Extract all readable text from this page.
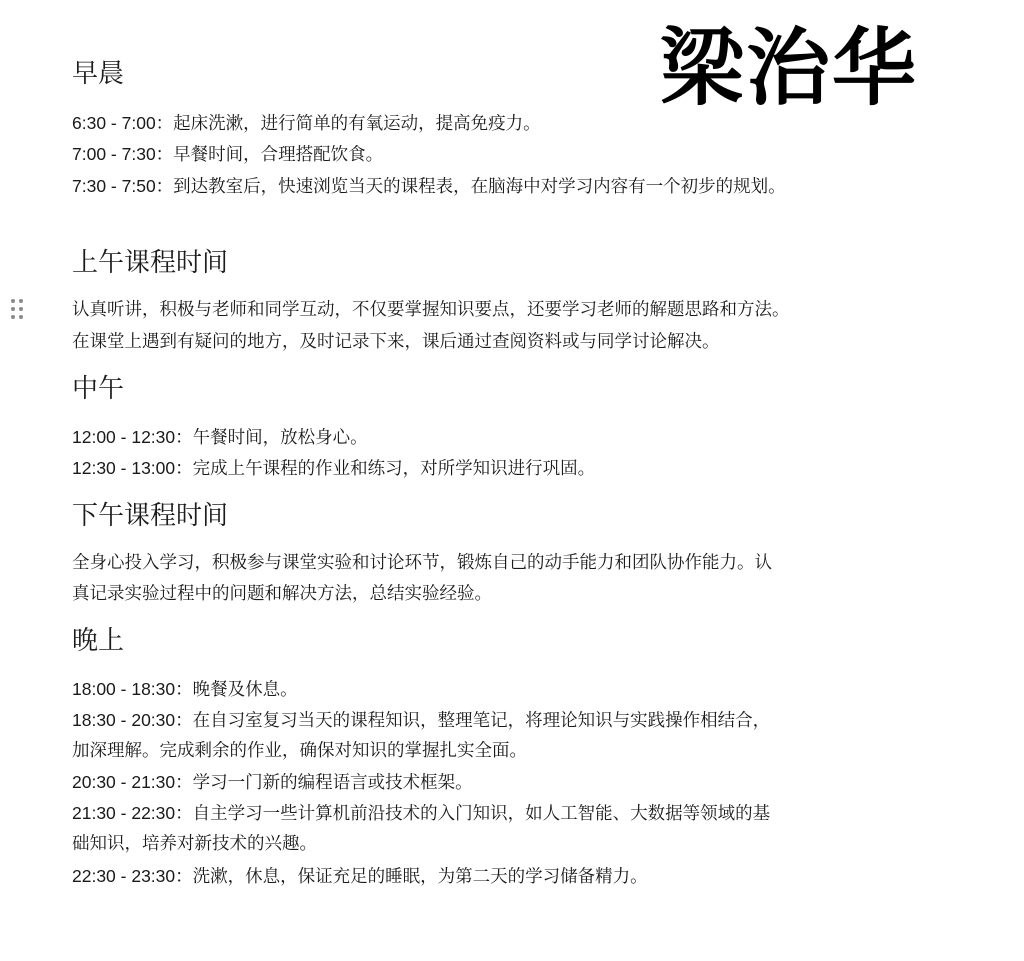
梁治华
早晨
6:30 - 7:00：起床洗漱，进行简单的有氧运动，提高免疫力。
7:00 - 7:30：早餐时间，合理搭配饮食。
7:30 - 7:50：到达教室后，快速浏览当天的课程表，在脑海中对学习内容有一个初步的规划。
上午课程时间
认真听讲，积极与老师和同学互动，不仅要掌握知识要点，还要学习老师的解题思路和方法。
在课堂上遇到有疑问的地方，及时记录下来，课后通过查阅资料或与同学讨论解决。
中午
12:00 - 12:30：午餐时间，放松身心。
12:30 - 13:00：完成上午课程的作业和练习，对所学知识进行巩固。
下午课程时间
全身心投入学习，积极参与课堂实验和讨论环节，锻炼自己的动手能力和团队协作能力。认
真记录实验过程中的问题和解决方法，总结实验经验。
晚上
18:00 - 18:30：晚餐及休息。
18:30 - 20:30：在自习室复习当天的课程知识，整理笔记，将理论知识与实践操作相结合，
加深理解。完成剩余的作业，确保对知识的掌握扎实全面。
20:30 - 21:30：学习一门新的编程语言或技术框架。
21:30 - 22:30：自主学习一些计算机前沿技术的入门知识，如人工智能、大数据等领域的基
础知识，培养对新技术的兴趣。
22:30 - 23:30：洗漱，休息，保证充足的睡眠，为第二天的学习储备精力。
